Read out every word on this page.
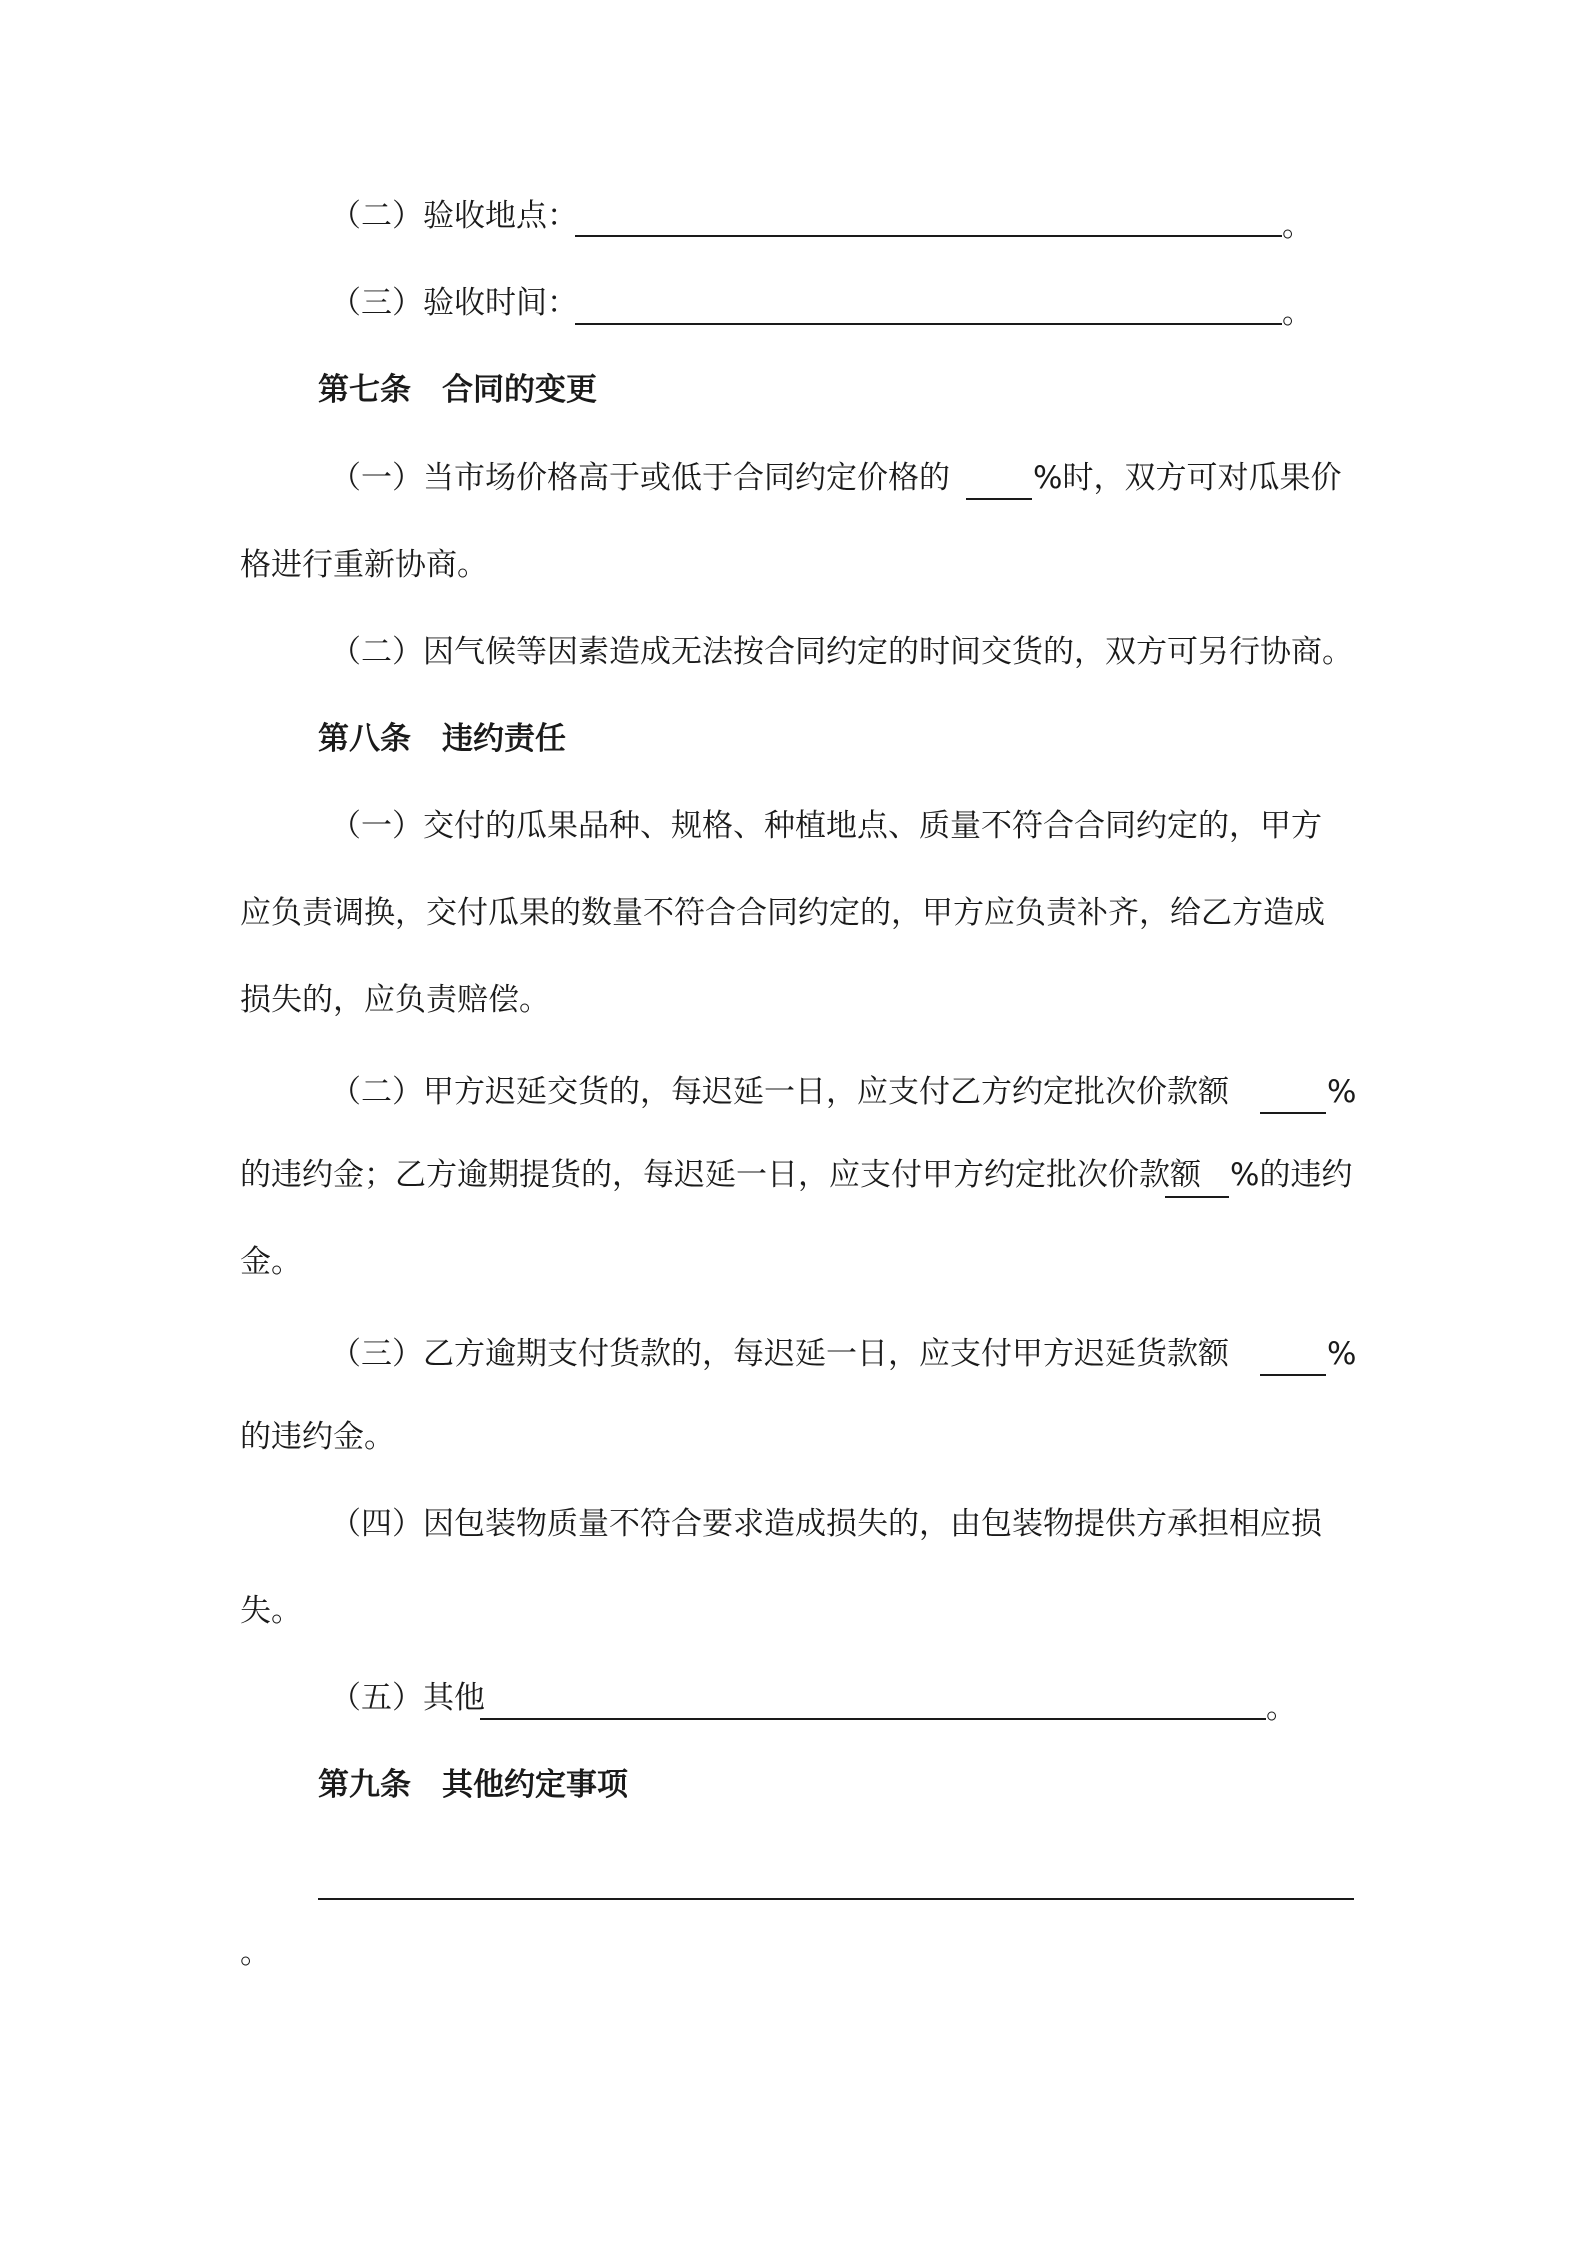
（二）验收地点：	。
（三）验收时间：	。
第七条　合同的变更
（一）当市场价格高于或低于合同约定价格的	%时，双方可对瓜果价
格进行重新协商。
（二）因气候等因素造成无法按合同约定的时间交货的，双方可另行协商。
第八条　违约责任
（一）交付的瓜果品种、规格、种植地点、质量不符合合同约定的，甲方
应负责调换，交付瓜果的数量不符合合同约定的，甲方应负责补齐，给乙方造成
损失的，应负责赔偿。
（二）甲方迟延交货的，每迟延一日，应支付乙方约定批次价款额	%
的违约金；乙方逾期提货的，每迟延一日，应支付甲方约定批次价款额 %的违约
金。
（三）乙方逾期支付货款的，每迟延一日，应支付甲方迟延货款额	%
的违约金。
（四）因包装物质量不符合要求造成损失的，由包装物提供方承担相应损
失。
（五）其他	。
第九条　其他约定事项
。
